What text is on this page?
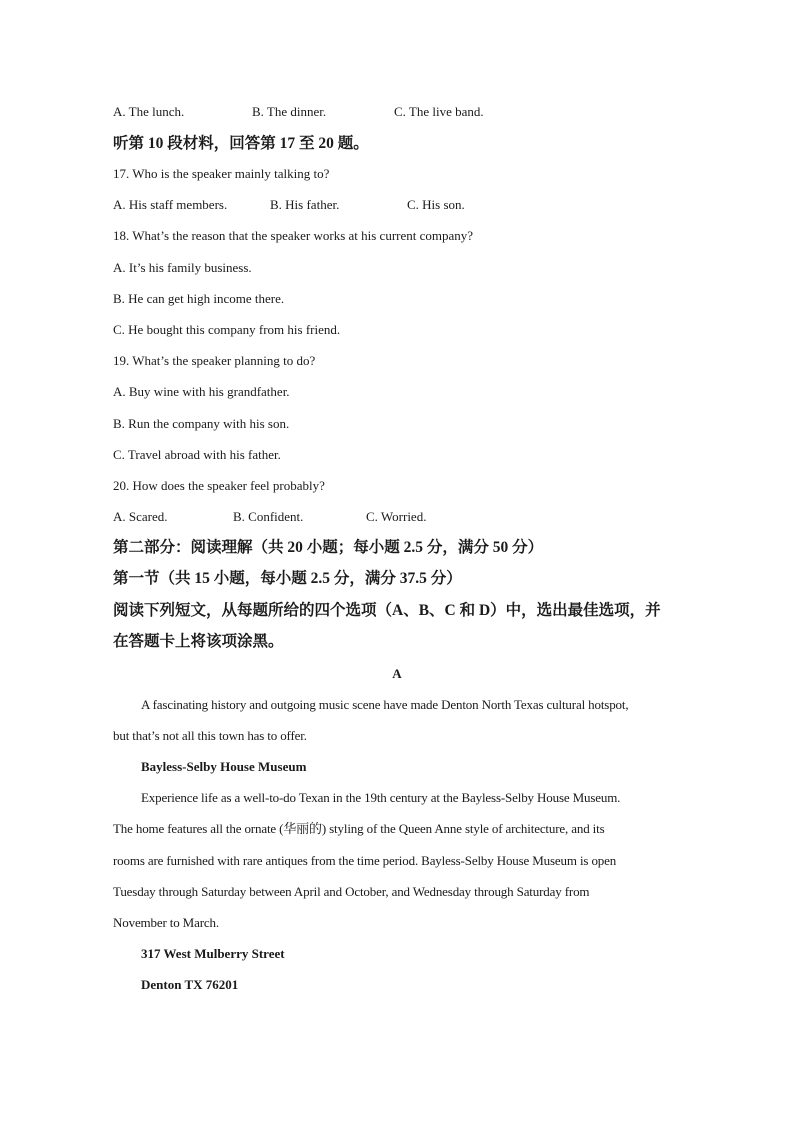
A. The lunch.	B. The dinner.	C. The live band.
听第 10 段材料，回答第 17 至 20 题。
17. Who is the speaker mainly talking to?
A. His staff members.	B. His father.	C. His son.
18. What’s the reason that the speaker works at his current company?
A. It’s his family business.
B. He can get high income there.
C. He bought this company from his friend.
19. What’s the speaker planning to do?
A. Buy wine with his grandfather.
B. Run the company with his son.
C. Travel abroad with his father.
20. How does the speaker feel probably?
A. Scared.	B. Confident.	C. Worried.
第二部分：阅读理解（共 20 小题；每小题 2.5 分，满分 50 分）
第一节（共 15 小题，每小题 2.5 分，满分 37.5 分）
阅读下列短文，从每题所给的四个选项（A、B、C 和 D）中，选出最佳选项，并
在答题卡上将该项涂黑。
A
A fascinating history and outgoing music scene have made Denton North Texas cultural hotspot,
but that’s not all this town has to offer.
Bayless-Selby House Museum
Experience life as a well-to-do Texan in the 19th century at the Bayless-Selby House Museum.
The home features all the ornate (华丽的) styling of the Queen Anne style of architecture, and its
rooms are furnished with rare antiques from the time period. Bayless-Selby House Museum is open
Tuesday through Saturday between April and October, and Wednesday through Saturday from
November to March.
317 West Mulberry Street
Denton TX 76201
